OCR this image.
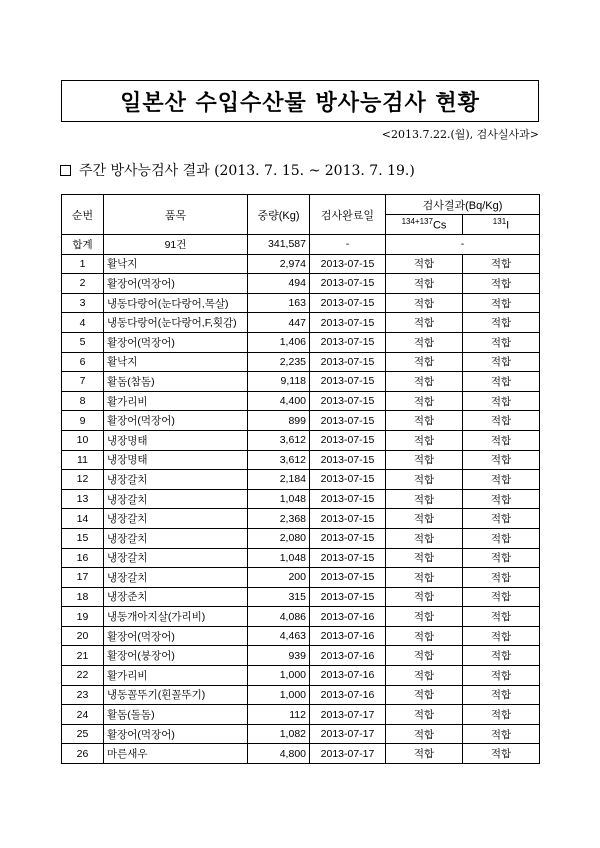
일본산 수입수산물 방사능검사 현황
<2013.7.22.(월), 검사실사과>
주간 방사능검사 결과 (2013. 7. 15. ~ 2013. 7. 19.)
순번	품목	중량(Kg)	검사완료일	검사결과(Bq/Kg)	
				$^{134+137}$Cs	$^{131}$I
합계	91건	341,587	-	-	
1	활낙지	2,974	2013-07-15	적합	적합
2	활장어(먹장어)	494	2013-07-15	적합	적합
3	냉동다랑어(눈다랑어,목살)	163	2013-07-15	적합	적합
4	냉동다랑어(눈다랑어,F,횟감)	447	2013-07-15	적합	적합
5	활장어(먹장어)	1,406	2013-07-15	적합	적합
6	활낙지	2,235	2013-07-15	적합	적합
7	활돔(참돔)	9,118	2013-07-15	적합	적합
8	활가리비	4,400	2013-07-15	적합	적합
9	활장어(먹장어)	899	2013-07-15	적합	적합
10	냉장명태	3,612	2013-07-15	적합	적합
11	냉장명태	3,612	2013-07-15	적합	적합
12	냉장갈치	2,184	2013-07-15	적합	적합
13	냉장갈치	1,048	2013-07-15	적합	적합
14	냉장갈치	2,368	2013-07-15	적합	적합
15	냉장갈치	2,080	2013-07-15	적합	적합
16	냉장갈치	1,048	2013-07-15	적합	적합
17	냉장갈치	200	2013-07-15	적합	적합
18	냉장준치	315	2013-07-15	적합	적합
19	냉동개아지살(가리비)	4,086	2013-07-16	적합	적합
20	활장어(먹장어)	4,463	2013-07-16	적합	적합
21	활장어(붕장어)	939	2013-07-16	적합	적합
22	활가리비	1,000	2013-07-16	적합	적합
23	냉동꼴뚜기(흰꼴뚜기)	1,000	2013-07-16	적합	적합
24	활돔(돌돔)	112	2013-07-17	적합	적합
25	활장어(먹장어)	1,082	2013-07-17	적합	적합
26	마른새우	4,800	2013-07-17	적합	적합
